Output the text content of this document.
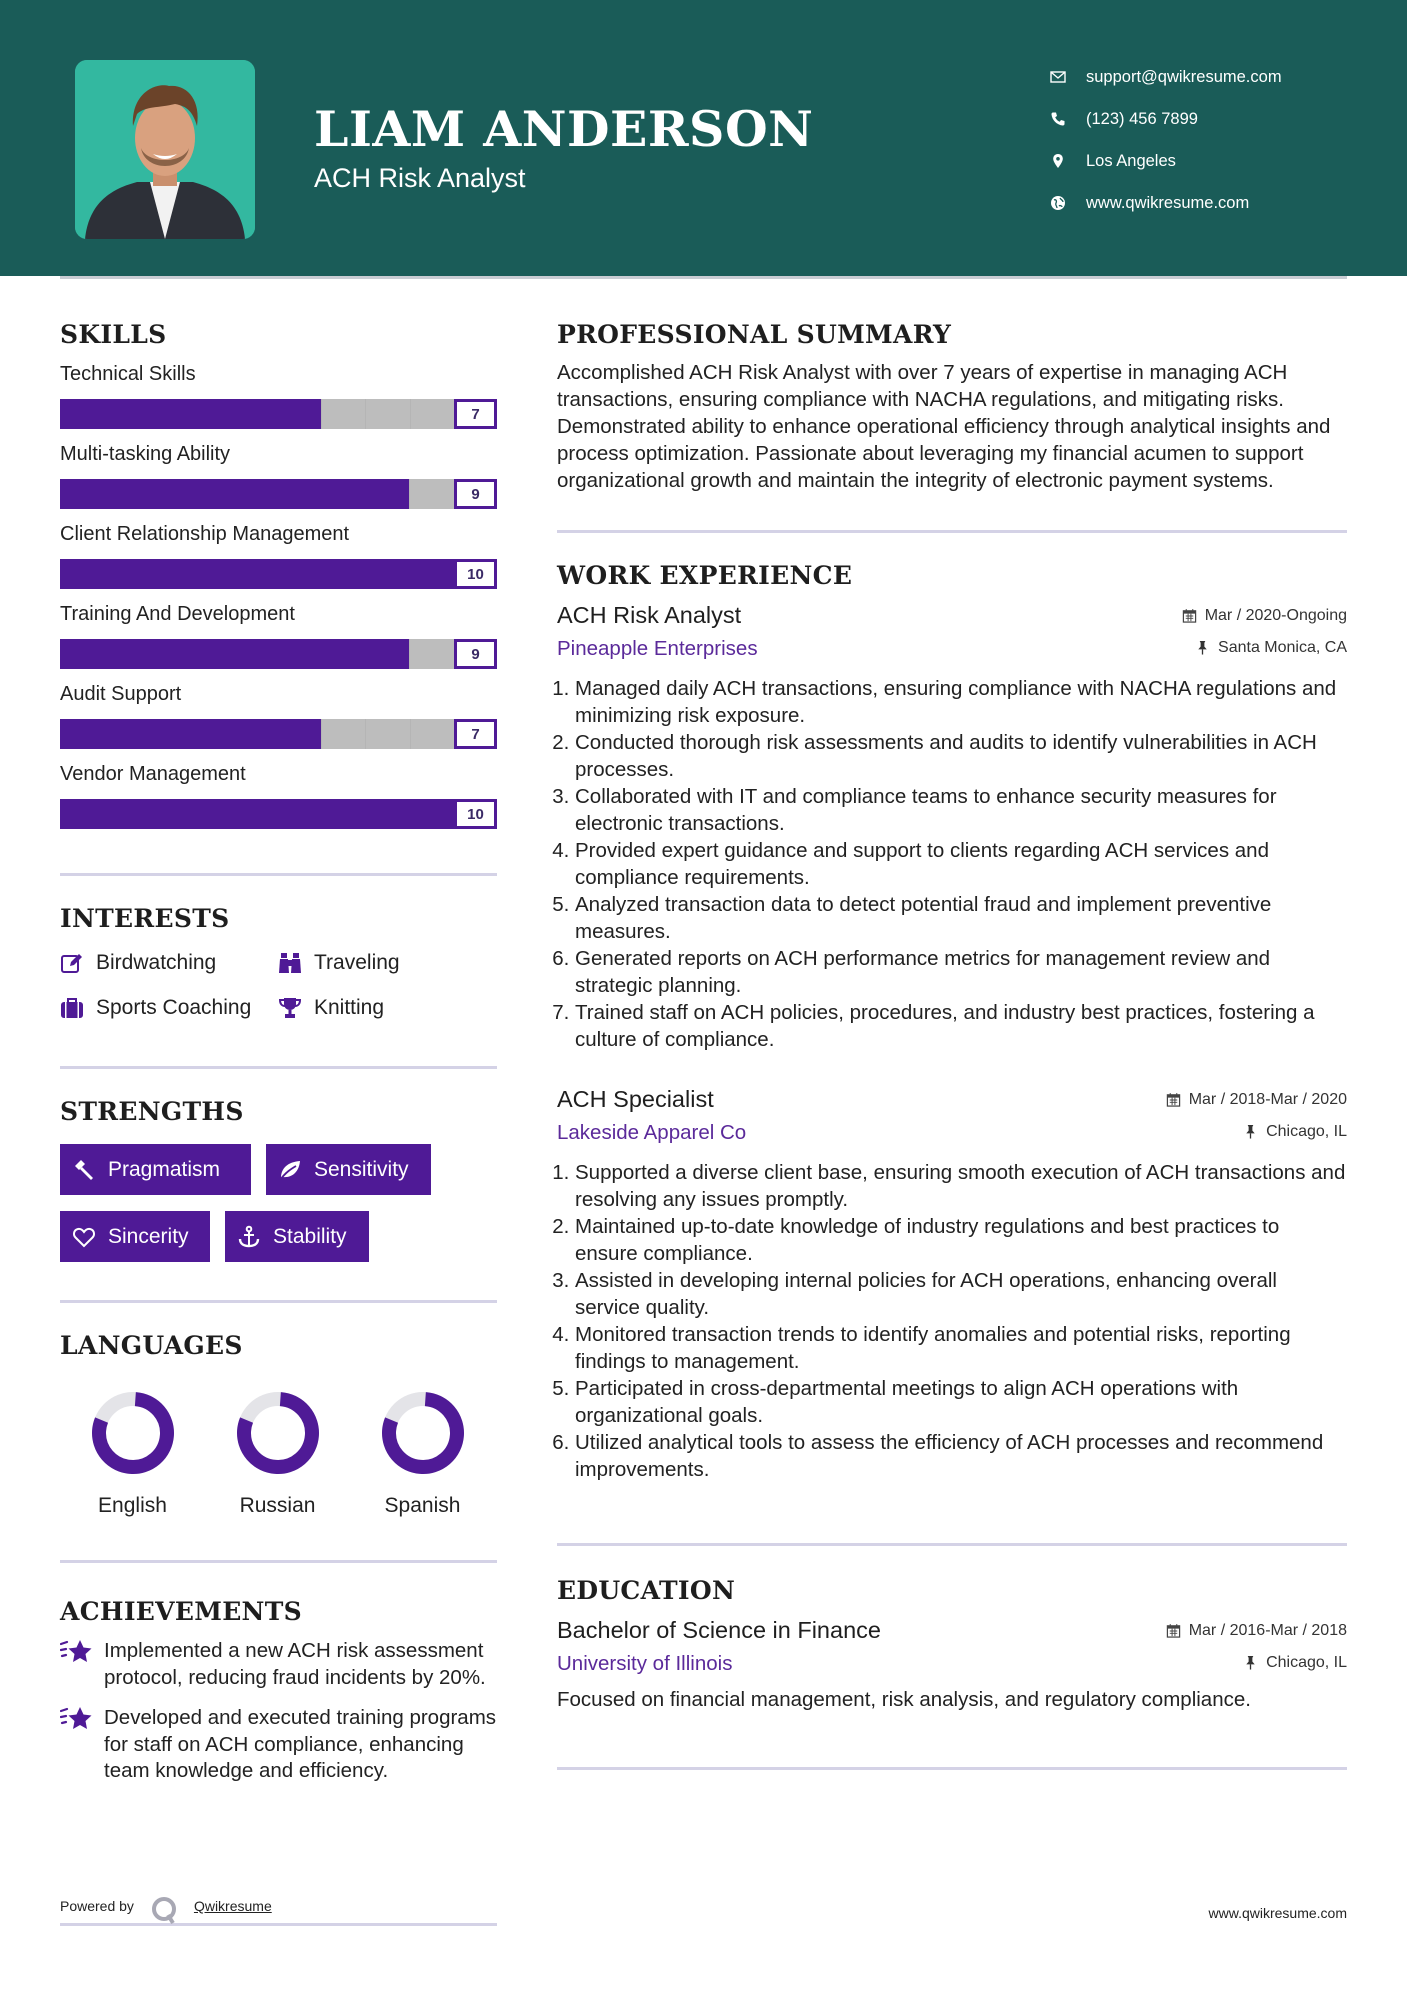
LIAM ANDERSON
ACH Risk Analyst
support@qwikresume.com
(123) 456 7899
Los Angeles
www.qwikresume.com
SKILLS
Technical Skills
7
Multi-tasking Ability
9
Client Relationship Management
10
Training And Development
9
Audit Support
7
Vendor Management
10
INTERESTS
Birdwatching	Traveling
Sports Coaching	Knitting
STRENGTHS
Pragmatism	Sensitivity
Sincerity	Stability
LANGUAGES
English	Russian	Spanish
ACHIEVEMENTS
Implemented a new ACH risk assessment protocol, reducing fraud incidents by 20%.
Developed and executed training programs for staff on ACH compliance, enhancing team knowledge and efficiency.
Powered by	Qwikresume
PROFESSIONAL SUMMARY

Accomplished ACH Risk Analyst with over 7 years of expertise in managing ACH transactions, ensuring compliance with NACHA regulations, and mitigating risks. Demonstrated ability to enhance operational efficiency through analytical insights and process optimization. Passionate about leveraging my financial acumen to support organizational growth and maintain the integrity of electronic payment systems.

WORK EXPERIENCE
ACH Risk Analyst	Mar / 2020-Ongoing
Pineapple Enterprises	Santa Monica, CA
1. Managed daily ACH transactions, ensuring compliance with NACHA regulations and minimizing risk exposure.
2. Conducted thorough risk assessments and audits to identify vulnerabilities in ACH processes.
3. Collaborated with IT and compliance teams to enhance security measures for electronic transactions.
4. Provided expert guidance and support to clients regarding ACH services and compliance requirements.
5. Analyzed transaction data to detect potential fraud and implement preventive measures.
6. Generated reports on ACH performance metrics for management review and strategic planning.
7. Trained staff on ACH policies, procedures, and industry best practices, fostering a culture of compliance.
ACH Specialist	Mar / 2018-Mar / 2020
Lakeside Apparel Co	Chicago, IL
1. Supported a diverse client base, ensuring smooth execution of ACH transactions and resolving any issues promptly.
2. Maintained up-to-date knowledge of industry regulations and best practices to ensure compliance.
3. Assisted in developing internal policies for ACH operations, enhancing overall service quality.
4. Monitored transaction trends to identify anomalies and potential risks, reporting findings to management.
5. Participated in cross-departmental meetings to align ACH operations with organizational goals.
6. Utilized analytical tools to assess the efficiency of ACH processes and recommend improvements.
EDUCATION
Bachelor of Science in Finance	Mar / 2016-Mar / 2018
University of Illinois	Chicago, IL

Focused on financial management, risk analysis, and regulatory compliance.

www.qwikresume.com
